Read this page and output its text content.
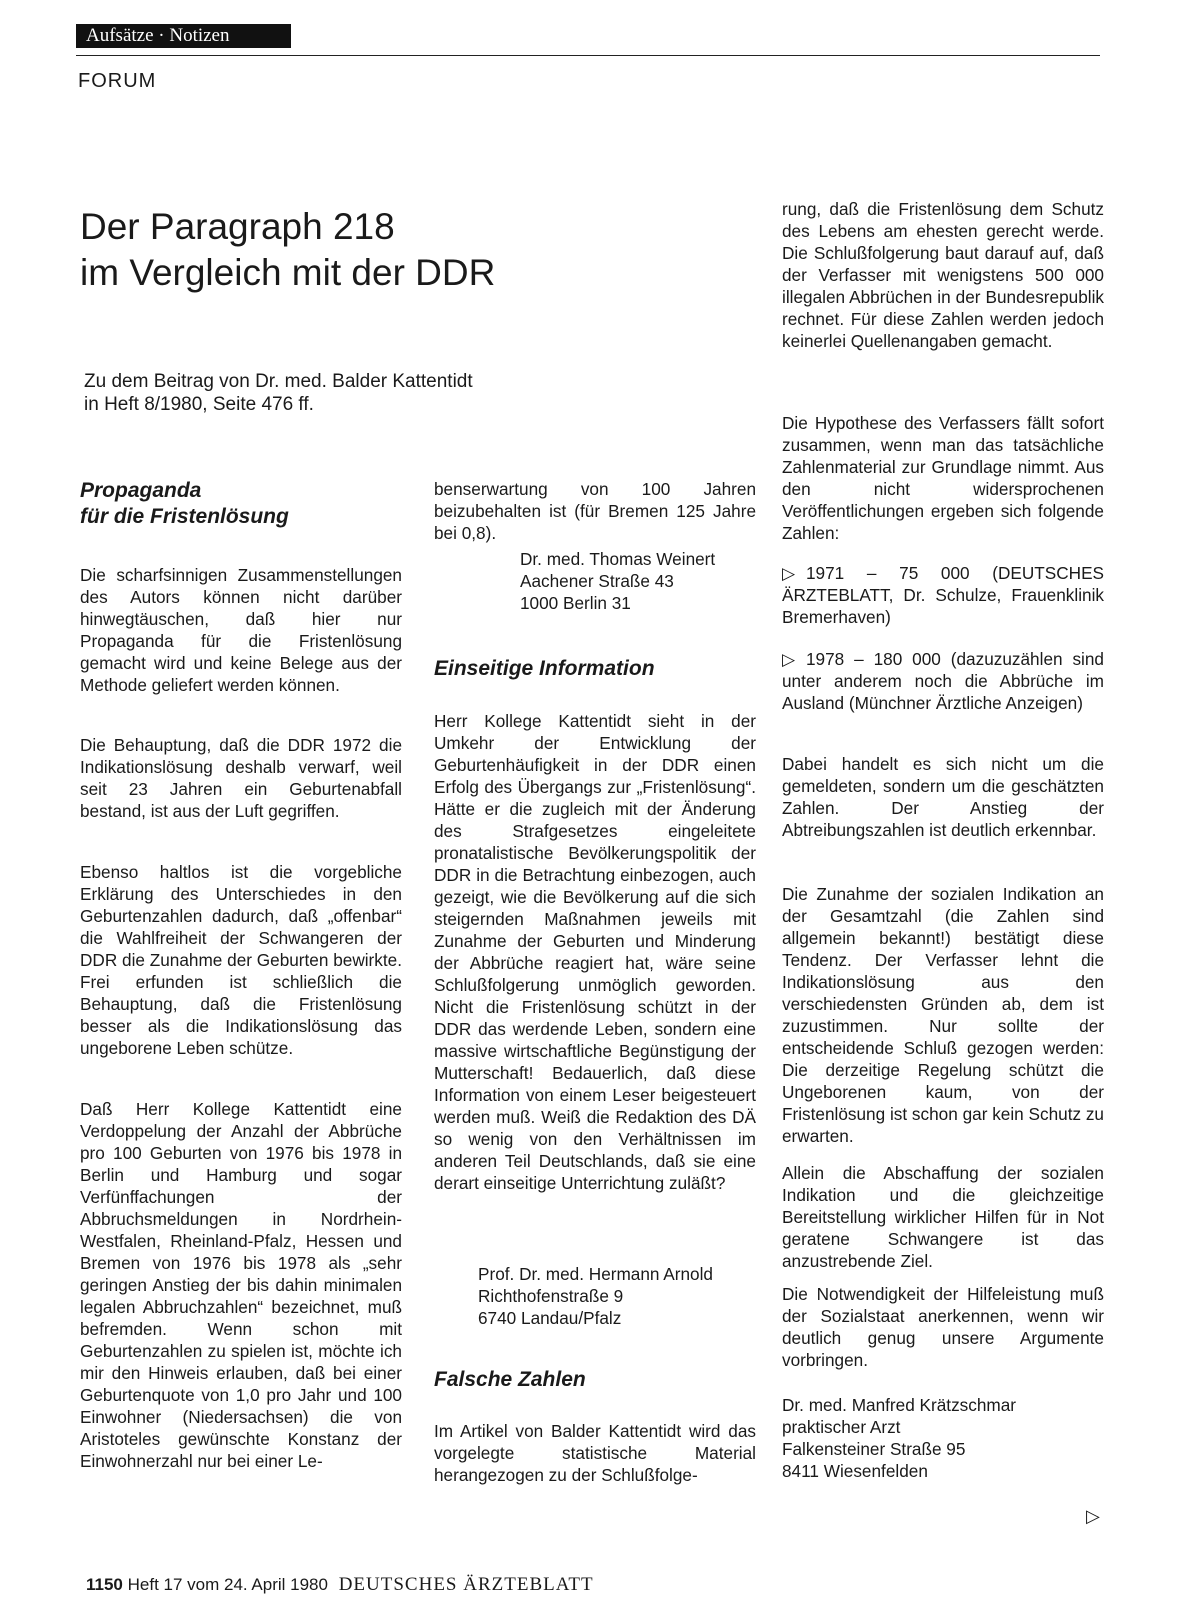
Aufsätze · Notizen
FORUM
Der Paragraph 218
im Vergleich mit der DDR
Zu dem Beitrag von Dr. med. Balder Kattentidt
in Heft 8/1980, Seite 476 ff.
Propaganda
für die Fristenlösung

Die scharfsinnigen Zusammenstellungen des Autors können nicht darüber hinwegtäuschen, daß hier nur Propaganda für die Fristenlösung gemacht wird und keine Belege aus der Methode geliefert werden können.

Die Behauptung, daß die DDR 1972 die Indikationslösung deshalb verwarf, weil seit 23 Jahren ein Geburtenabfall bestand, ist aus der Luft gegriffen.

Ebenso haltlos ist die vorgebliche Erklärung des Unterschiedes in den Geburtenzahlen dadurch, daß „offenbar“ die Wahlfreiheit der Schwangeren der DDR die Zunahme der Geburten bewirkte. Frei erfunden ist schließlich die Behauptung, daß die Fristenlösung besser als die Indikationslösung das ungeborene Leben schütze.

Daß Herr Kollege Kattentidt eine Verdoppelung der Anzahl der Abbrüche pro 100 Geburten von 1976 bis 1978 in Berlin und Hamburg und sogar Verfünffachungen der Abbruchsmeldungen in Nordrhein-Westfalen, Rheinland-Pfalz, Hessen und Bremen von 1976 bis 1978 als „sehr geringen Anstieg der bis dahin minimalen legalen Abbruchzahlen“ bezeichnet, muß befremden. Wenn schon mit Geburtenzahlen zu spielen ist, möchte ich mir den Hinweis erlauben, daß bei einer Geburtenquote von 1,0 pro Jahr und 100 Einwohner (Niedersachsen) die von Aristoteles gewünschte Konstanz der Einwohnerzahl nur bei einer Le-

benserwartung von 100 Jahren beizubehalten ist (für Bremen 125 Jahre bei 0,8).

Dr. med. Thomas Weinert
Aachener Straße 43
1000 Berlin 31
Einseitige Information

Herr Kollege Kattentidt sieht in der Umkehr der Entwicklung der Geburtenhäufigkeit in der DDR einen Erfolg des Übergangs zur „Fristenlösung“. Hätte er die zugleich mit der Änderung des Strafgesetzes eingeleitete pronatalistische Bevölkerungspolitik der DDR in die Betrachtung einbezogen, auch gezeigt, wie die Bevölkerung auf die sich steigernden Maßnahmen jeweils mit Zunahme der Geburten und Minderung der Abbrüche reagiert hat, wäre seine Schlußfolgerung unmöglich geworden. Nicht die Fristenlösung schützt in der DDR das werdende Leben, sondern eine massive wirtschaftliche Begünstigung der Mutterschaft! Bedauerlich, daß diese Information von einem Leser beigesteuert werden muß. Weiß die Redaktion des DÄ so wenig von den Verhältnissen im anderen Teil Deutschlands, daß sie eine derart einseitige Unterrichtung zuläßt?

Prof. Dr. med. Hermann Arnold
Richthofenstraße 9
6740 Landau/Pfalz
Falsche Zahlen

Im Artikel von Balder Kattentidt wird das vorgelegte statistische Material herangezogen zu der Schlußfolge-

rung, daß die Fristenlösung dem Schutz des Lebens am ehesten gerecht werde. Die Schlußfolgerung baut darauf auf, daß der Verfasser mit wenigstens 500 000 illegalen Abbrüchen in der Bundesrepublik rechnet. Für diese Zahlen werden jedoch keinerlei Quellenangaben gemacht.

Die Hypothese des Verfassers fällt sofort zusammen, wenn man das tatsächliche Zahlenmaterial zur Grundlage nimmt. Aus den nicht widersprochenen Veröffentlichungen ergeben sich folgende Zahlen:

▷ 1971 – 75 000 (DEUTSCHES ÄRZTEBLATT, Dr. Schulze, Frauenklinik Bremerhaven)

▷ 1978 – 180 000 (dazuzuzählen sind unter anderem noch die Abbrüche im Ausland (Münchner Ärztliche Anzeigen)

Dabei handelt es sich nicht um die gemeldeten, sondern um die geschätzten Zahlen. Der Anstieg der Abtreibungszahlen ist deutlich erkennbar.

Die Zunahme der sozialen Indikation an der Gesamtzahl (die Zahlen sind allgemein bekannt!) bestätigt diese Tendenz. Der Verfasser lehnt die Indikationslösung aus den verschiedensten Gründen ab, dem ist zuzustimmen. Nur sollte der entscheidende Schluß gezogen werden: Die derzeitige Regelung schützt die Ungeborenen kaum, von der Fristenlösung ist schon gar kein Schutz zu erwarten.

Allein die Abschaffung der sozialen Indikation und die gleichzeitige Bereitstellung wirklicher Hilfen für in Not geratene Schwangere ist das anzustrebende Ziel.

Die Notwendigkeit der Hilfeleistung muß der Sozialstaat anerkennen, wenn wir deutlich genug unsere Argumente vorbringen.

Dr. med. Manfred Krätzschmar
praktischer Arzt
Falkensteiner Straße 95
8411 Wiesenfelden
▷
1150 Heft 17 vom 24. April 1980 DEUTSCHES ÄRZTEBLATT
